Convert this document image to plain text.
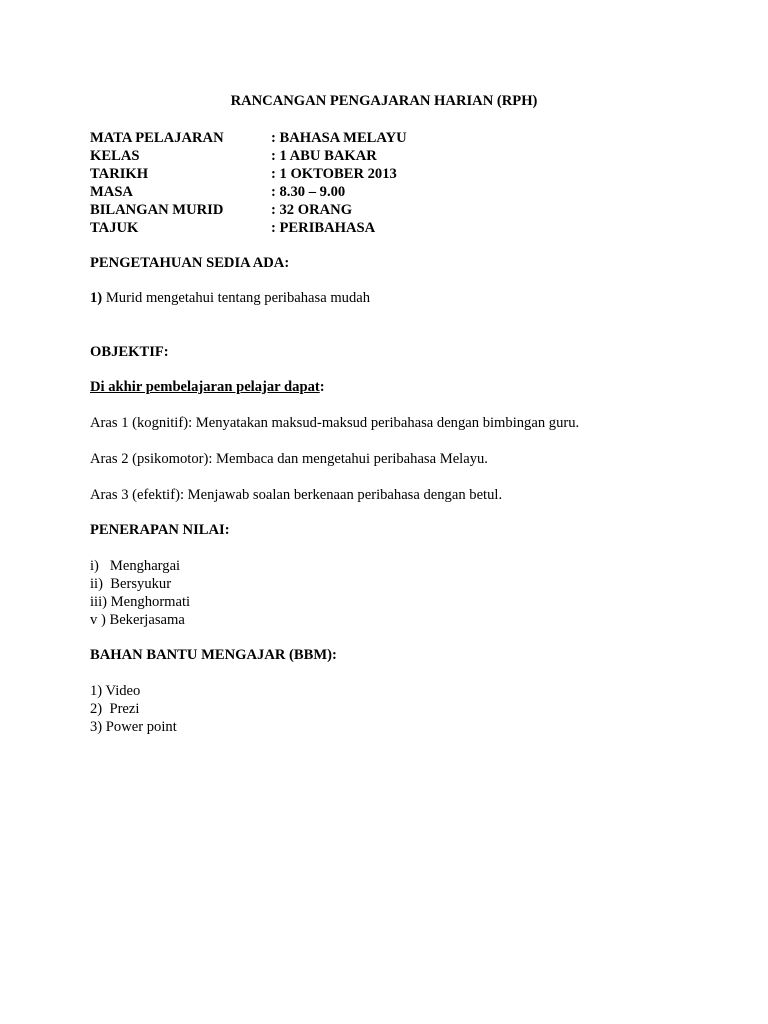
RANCANGAN PENGAJARAN HARIAN (RPH)
MATA PELAJARAN	: BAHASA MELAYU
KELAS	: 1 ABU BAKAR
TARIKH	: 1 OKTOBER 2013
MASA	: 8.30 – 9.00
BILANGAN MURID	: 32 ORANG
TAJUK	: PERIBAHASA
PENGETAHUAN SEDIA ADA:
1) Murid mengetahui tentang peribahasa mudah
OBJEKTIF:
Di akhir pembelajaran pelajar dapat:
Aras 1 (kognitif): Menyatakan maksud-maksud peribahasa dengan bimbingan guru.
Aras 2 (psikomotor): Membaca dan mengetahui peribahasa Melayu.
Aras 3 (efektif): Menjawab soalan berkenaan peribahasa dengan betul.
PENERAPAN NILAI:
i)   Menghargai
ii)  Bersyukur
iii) Menghormati
v ) Bekerjasama
BAHAN BANTU MENGAJAR (BBM):
1) Video
2)  Prezi
3) Power point
